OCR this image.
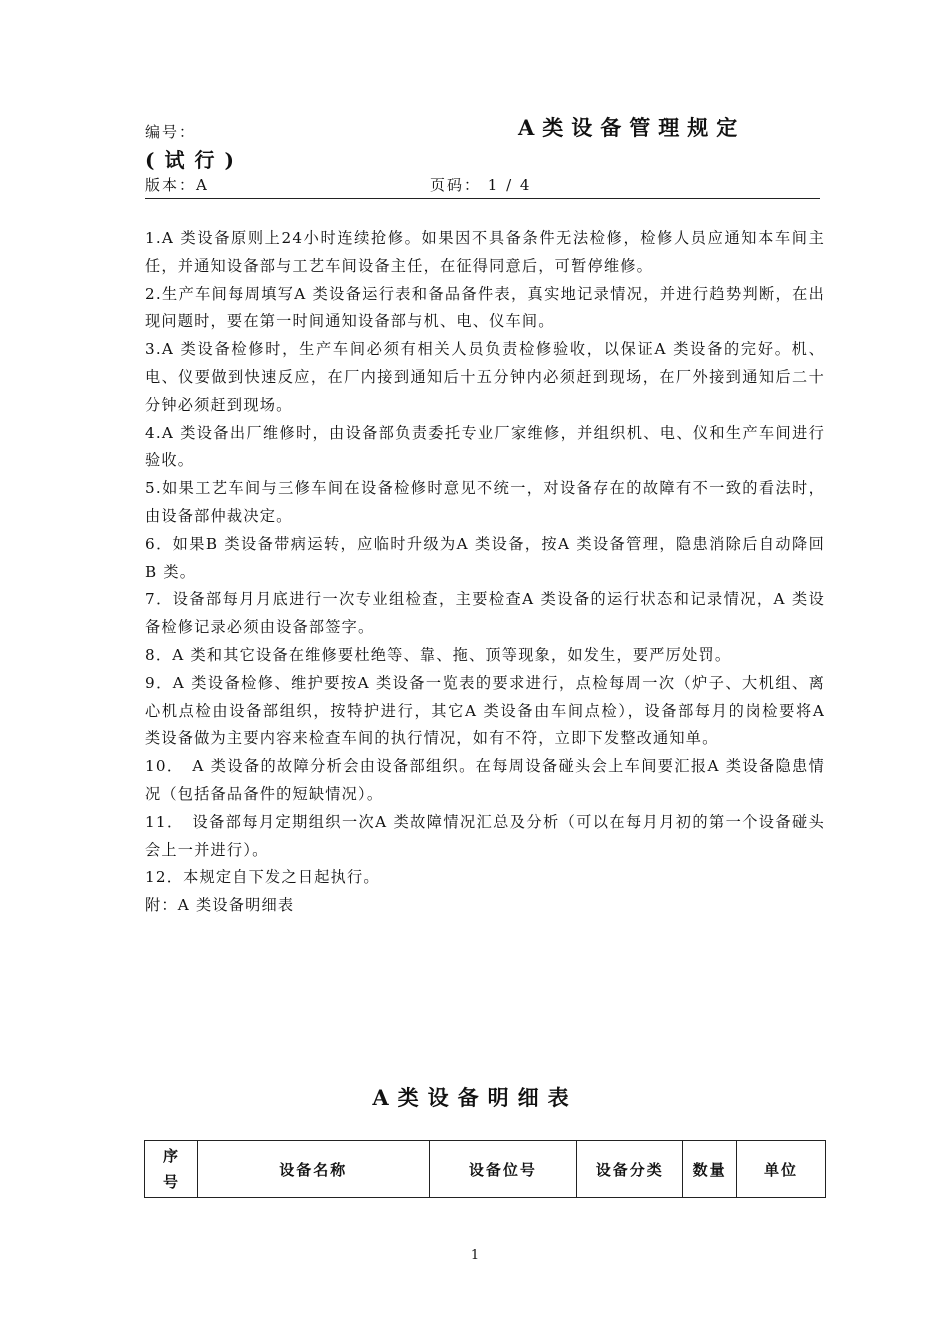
编号：	A类设备管理规定
(试行)
版本：A	页码： 1 / 4

1.A 类设备原则上24小时连续抢修。如果因不具备条件无法检修，检修人员应通知本车间主任，并通知设备部与工艺车间设备主任，在征得同意后，可暂停维修。

2.生产车间每周填写A 类设备运行表和备品备件表，真实地记录情况，并进行趋势判断，在出现问题时，要在第一时间通知设备部与机、电、仪车间。

3.A 类设备检修时，生产车间必须有相关人员负责检修验收，以保证A 类设备的完好。机、电、仪要做到快速反应，在厂内接到通知后十五分钟内必须赶到现场，在厂外接到通知后二十分钟必须赶到现场。

4.A 类设备出厂维修时，由设备部负责委托专业厂家维修，并组织机、电、仪和生产车间进行验收。

5.如果工艺车间与三修车间在设备检修时意见不统一，对设备存在的故障有不一致的看法时，由设备部仲裁决定。

6．如果B 类设备带病运转，应临时升级为A 类设备，按A 类设备管理，隐患消除后自动降回B 类。

7．设备部每月月底进行一次专业组检查，主要检查A 类设备的运行状态和记录情况，A 类设备检修记录必须由设备部签字。

8．A 类和其它设备在维修要杜绝等、靠、拖、顶等现象，如发生，要严厉处罚。

9．A 类设备检修、维护要按A 类设备一览表的要求进行，点检每周一次（炉子、大机组、离心机点检由设备部组织，按特护进行，其它A 类设备由车间点检），设备部每月的岗检要将A 类设备做为主要内容来检查车间的执行情况，如有不符，立即下发整改通知单。

10．　A 类设备的故障分析会由设备部组织。在每周设备碰头会上车间要汇报A 类设备隐患情况（包括备品备件的短缺情况）。

11．　设备部每月定期组织一次A 类故障情况汇总及分析（可以在每月月初的第一个设备碰头会上一并进行）。

12．本规定自下发之日起执行。

附：A 类设备明细表

A类设备明细表
序号	设备名称	设备位号	设备分类	数量	单位
1
